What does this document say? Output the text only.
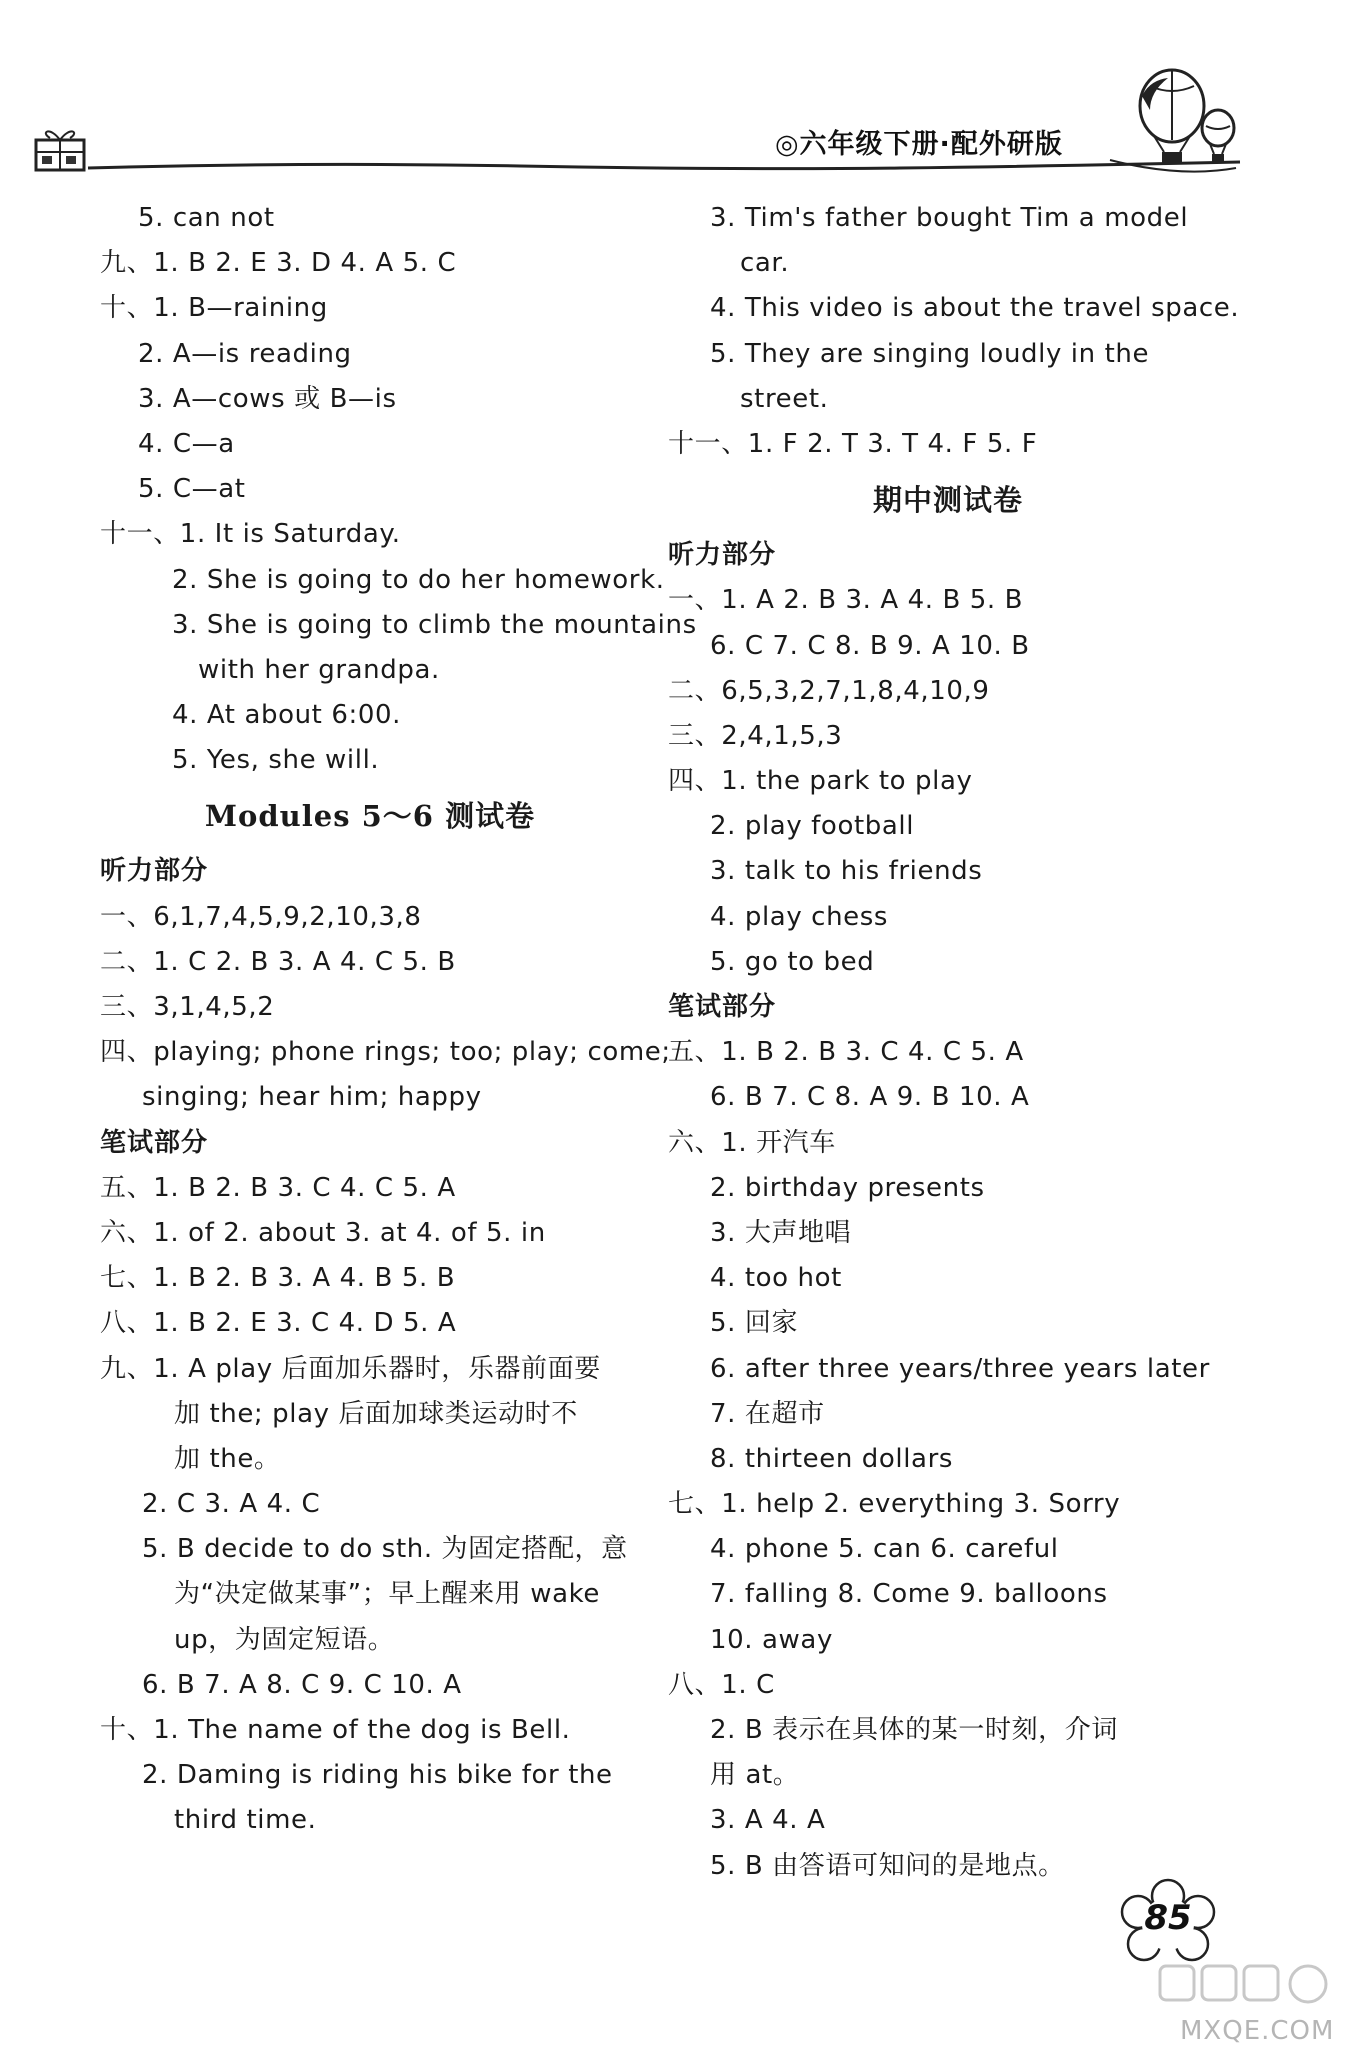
◎六年级下册·配外研版
5. can not
九、1. B 2. E 3. D 4. A 5. C
十、1. B—raining
2. A—is reading
3. A—cows 或 B—is
4. C—a
5. C—at
十一、1. It is Saturday.
2. She is going to do her homework.
3. She is going to climb the mountains
with her grandpa.
4. At about 6:00.
5. Yes, she will.
Modules 5～6 测试卷
听力部分
一、6,1,7,4,5,9,2,10,3,8
二、1. C 2. B 3. A 4. C 5. B
三、3,1,4,5,2
四、playing; phone rings; too; play; come;
singing; hear him; happy
笔试部分
五、1. B 2. B 3. C 4. C 5. A
六、1. of 2. about 3. at 4. of 5. in
七、1. B 2. B 3. A 4. B 5. B
八、1. B 2. E 3. C 4. D 5. A
九、1. A play 后面加乐器时，乐器前面要
加 the; play 后面加球类运动时不
加 the。
2. C 3. A 4. C
5. B decide to do sth. 为固定搭配，意
为“决定做某事”；早上醒来用 wake
up，为固定短语。
6. B 7. A 8. C 9. C 10. A
十、1. The name of the dog is Bell.
2. Daming is riding his bike for the
third time.
3. Tim's father bought Tim a model
car.
4. This video is about the travel space.
5. They are singing loudly in the
street.
十一、1. F 2. T 3. T 4. F 5. F
期中测试卷
听力部分
一、1. A 2. B 3. A 4. B 5. B
6. C 7. C 8. B 9. A 10. B
二、6,5,3,2,7,1,8,4,10,9
三、2,4,1,5,3
四、1. the park to play
2. play football
3. talk to his friends
4. play chess
5. go to bed
笔试部分
五、1. B 2. B 3. C 4. C 5. A
6. B 7. C 8. A 9. B 10. A
六、1. 开汽车
2. birthday presents
3. 大声地唱
4. too hot
5. 回家
6. after three years/three years later
7. 在超市
8. thirteen dollars
七、1. help 2. everything 3. Sorry
4. phone 5. can 6. careful
7. falling 8. Come 9. balloons
10. away
八、1. C
2. B 表示在具体的某一时刻，介词
用 at。
3. A 4. A
5. B 由答语可知问的是地点。
85
MXQE.COM
